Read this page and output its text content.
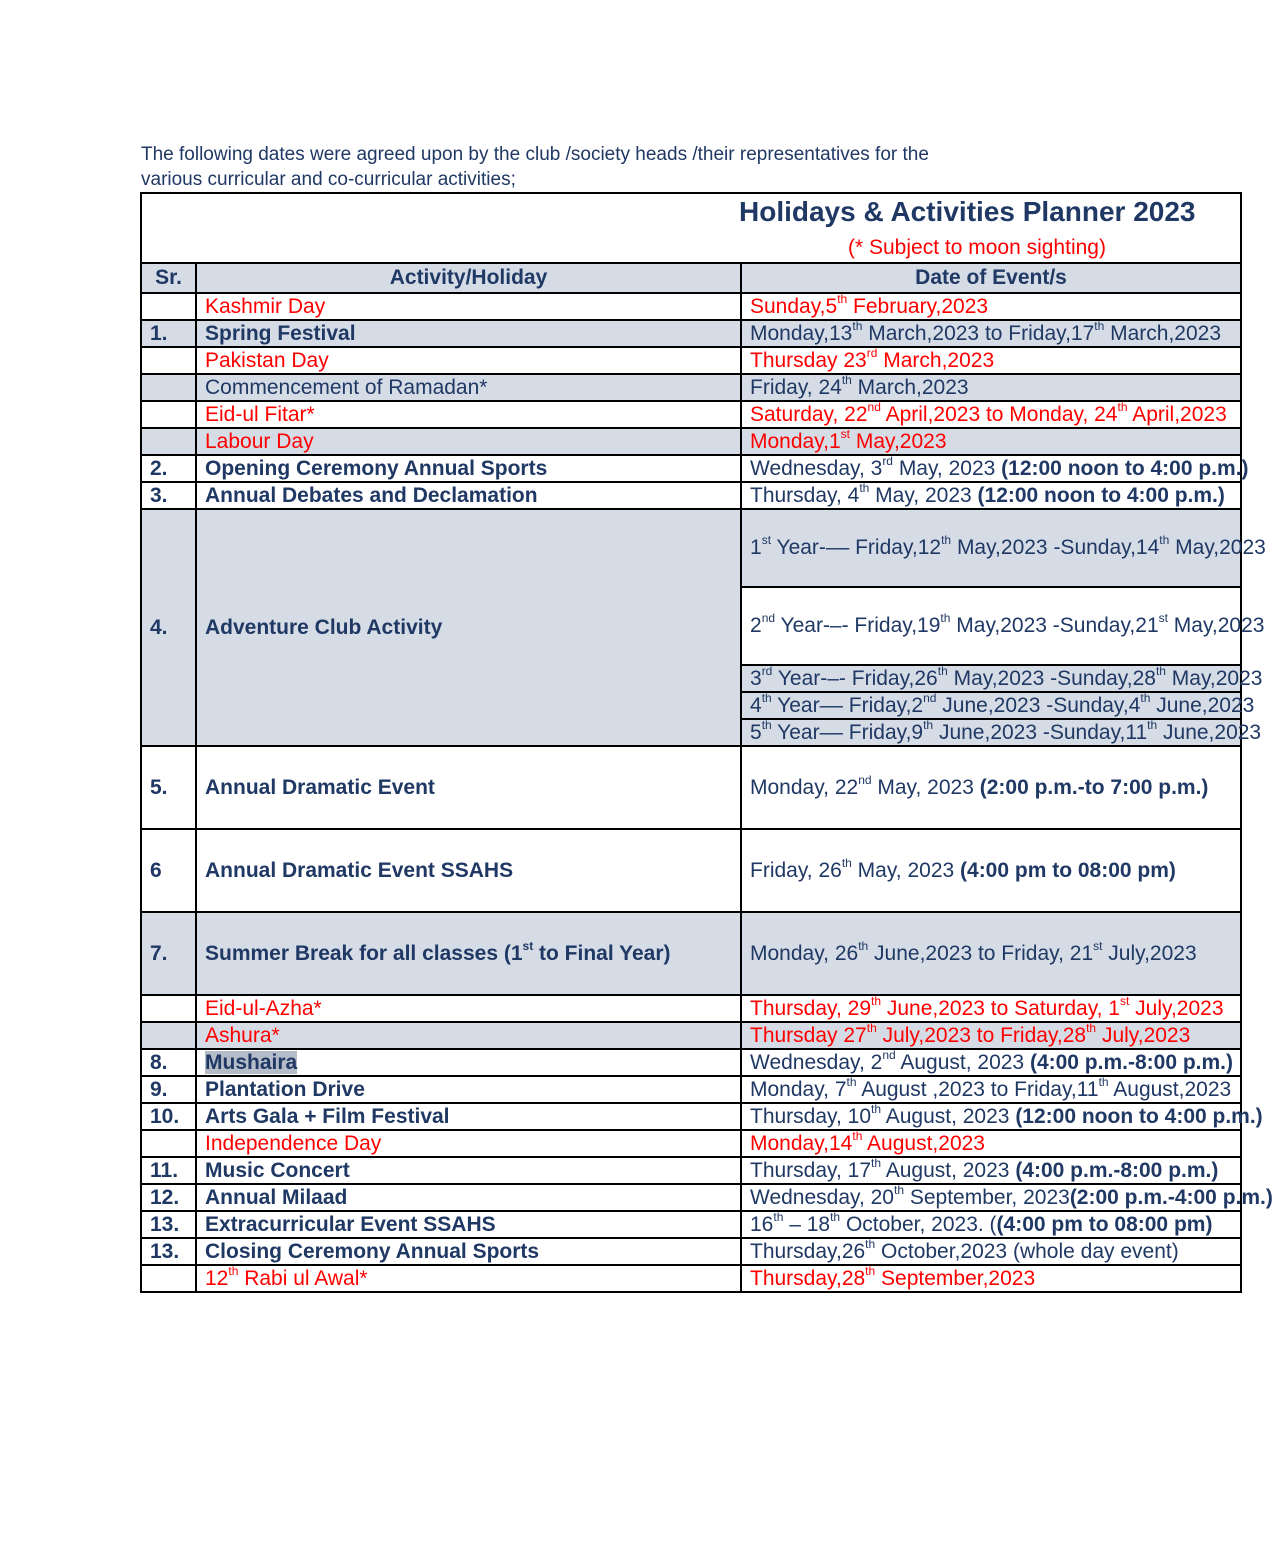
The following dates were agreed upon by the club /society heads /their representatives for the

various curricular and co-curricular activities;

Holidays & Activities Planner 2023
(* Subject to moon sighting)		

Sr.	Activity/Holiday	Date of Event/s
	Kashmir Day	Sunday,5th February,2023
1.	Spring Festival	Monday,13th March,2023 to Friday,17th March,2023
	Pakistan Day	Thursday 23rd March,2023
	Commencement of Ramadan*	Friday, 24th March,2023
	Eid-ul Fitar*	Saturday, 22nd April,2023 to Monday, 24th April,2023
	Labour Day	Monday,1st May,2023
2.	Opening Ceremony Annual Sports	Wednesday, 3rd May, 2023 (12:00 noon to 4:00 p.m.)
3.	Annual Debates and Declamation	Thursday, 4th May, 2023 (12:00 noon to 4:00 p.m.)
4.	Adventure Club Activity	1st Year-–– Friday,12th May,2023 -Sunday,14th May,2023
		2nd Year-–- Friday,19th May,2023 -Sunday,21st May,2023
		3rd Year-–- Friday,26th May,2023 -Sunday,28th May,2023
		4th Year–– Friday,2nd June,2023 -Sunday,4th June,2023
		5th Year–– Friday,9th June,2023 -Sunday,11th June,2023
5.	Annual Dramatic Event	Monday, 22nd May, 2023 (2:00 p.m.-to 7:00 p.m.)
6	Annual Dramatic Event SSAHS	Friday, 26th May, 2023 (4:00 pm to 08:00 pm)
7.	Summer Break for all classes (1st to Final Year)	Monday, 26th June,2023 to Friday, 21st July,2023
	Eid-ul-Azha*	Thursday, 29th June,2023 to Saturday, 1st July,2023
	Ashura*	Thursday 27th July,2023 to Friday,28th July,2023
8.	Mushaira	Wednesday, 2nd August, 2023 (4:00 p.m.-8:00 p.m.)
9.	Plantation Drive	Monday, 7th August ,2023 to Friday,11th August,2023
10.	Arts Gala + Film Festival	Thursday, 10th August, 2023 (12:00 noon to 4:00 p.m.)
	Independence Day	Monday,14th August,2023
11.	Music Concert	Thursday, 17th August, 2023 (4:00 p.m.-8:00 p.m.)
12.	Annual Milaad	Wednesday, 20th September, 2023(2:00 p.m.-4:00 p.m.)
13.	Extracurricular Event SSAHS	16th – 18th October, 2023. ((4:00 pm to 08:00 pm)
13.	Closing Ceremony Annual Sports	Thursday,26th October,2023 (whole day event)
	12th Rabi ul Awal*	Thursday,28th September,2023
